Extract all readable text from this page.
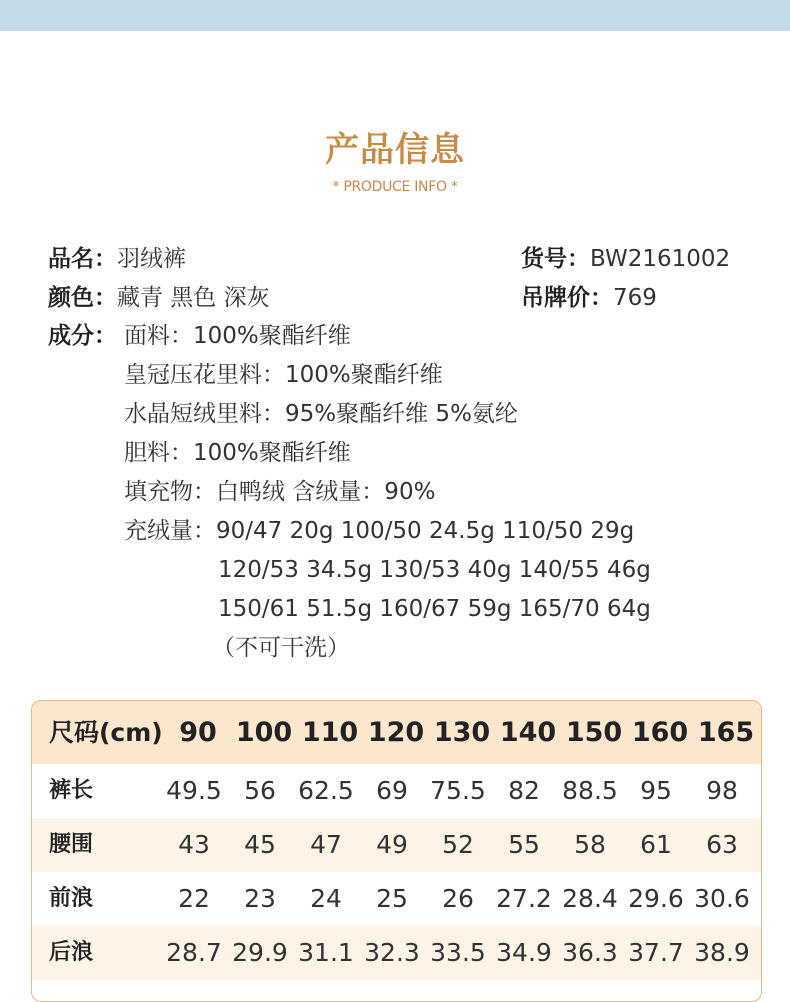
产品信息
* PRODUCE INFO *
品名：羽绒裤	货号：BW2161002
颜色：藏青 黑色 深灰	吊牌价：769
成分： 面料：100%聚酯纤维
皇冠压花里料：100%聚酯纤维
水晶短绒里料：95%聚酯纤维 5%氨纶
胆料：100%聚酯纤维
填充物：白鸭绒 含绒量：90%
充绒量：90/47 20g 100/50 24.5g 110/50 29g
120/53 34.5g 130/53 40g 140/55 46g
150/61 51.5g 160/67 59g 165/70 64g
（不可干洗）
尺码(cm) 90 100 110 120 130 140 150 160 165
裤长	49.5 56 62.5 69 75.5 82 88.5 95	98
腰围	43	45	47	49	52	55	58	61	63
前浪	22	23	24	25	26 27.2 28.4 29.6 30.6
后浪	28.7 29.9 31.1 32.3 33.5 34.9 36.3 37.7 38.9
